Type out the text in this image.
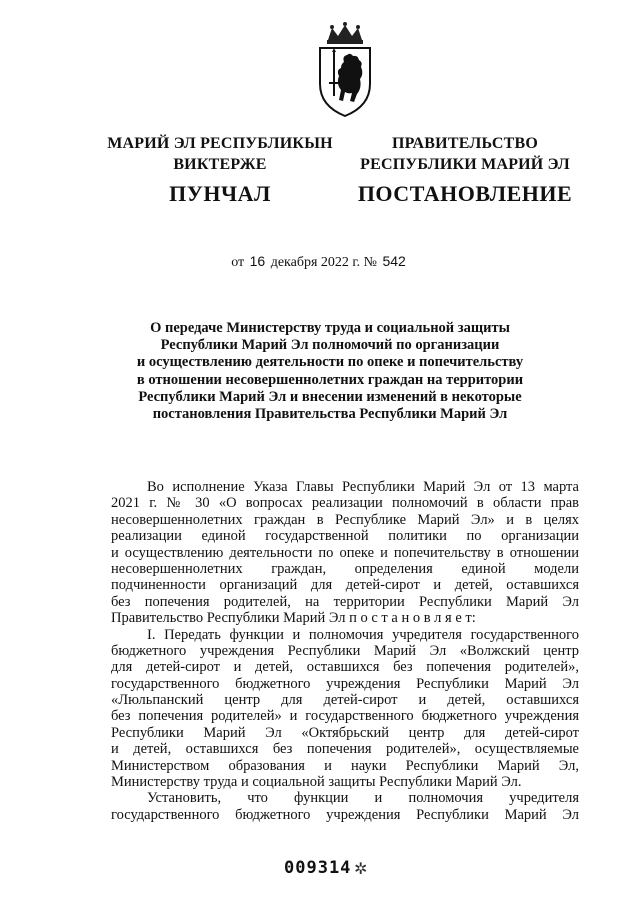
МАРИЙ ЭЛ РЕСПУБЛИКЫН
ВИКТЕРЖЕ
ПУНЧАЛ
ПРАВИТЕЛЬСТВО
РЕСПУБЛИКИ МАРИЙ ЭЛ
ПОСТАНОВЛЕНИЕ
от 16 декабря 2022 г. № 542
О передаче Министерству труда и социальной защиты
Республики Марий Эл полномочий по организации
и осуществлению деятельности по опеке и попечительству
в отношении несовершеннолетних граждан на территории
Республики Марий Эл и внесении изменений в некоторые
постановления Правительства Республики Марий Эл
Во исполнение Указа Главы Республики Марий Эл от 13 марта
2021 г. № 30 «О вопросах реализации полномочий в области прав
несовершеннолетних граждан в Республике Марий Эл» и в целях
реализации единой государственной политики по организации
и осуществлению деятельности по опеке и попечительству в отношении
несовершеннолетних граждан, определения единой модели
подчиненности организаций для детей-сирот и детей, оставшихся
без попечения родителей, на территории Республики Марий Эл
Правительство Республики Марий Эл п о с т а н о в л я е т:
I. Передать функции и полномочия учредителя государственного
бюджетного учреждения Республики Марий Эл «Волжский центр
для детей-сирот и детей, оставшихся без попечения родителей»,
государственного бюджетного учреждения Республики Марий Эл
«Люльпанский центр для детей-сирот и детей, оставшихся
без попечения родителей» и государственного бюджетного учреждения
Республики Марий Эл «Октябрьский центр для детей-сирот
и детей, оставшихся без попечения родителей», осуществляемые
Министерством образования и науки Республики Марий Эл,
Министерству труда и социальной защиты Республики Марий Эл.
Установить, что функции и полномочия учредителя
государственного бюджетного учреждения Республики Марий Эл
009314 ✲
